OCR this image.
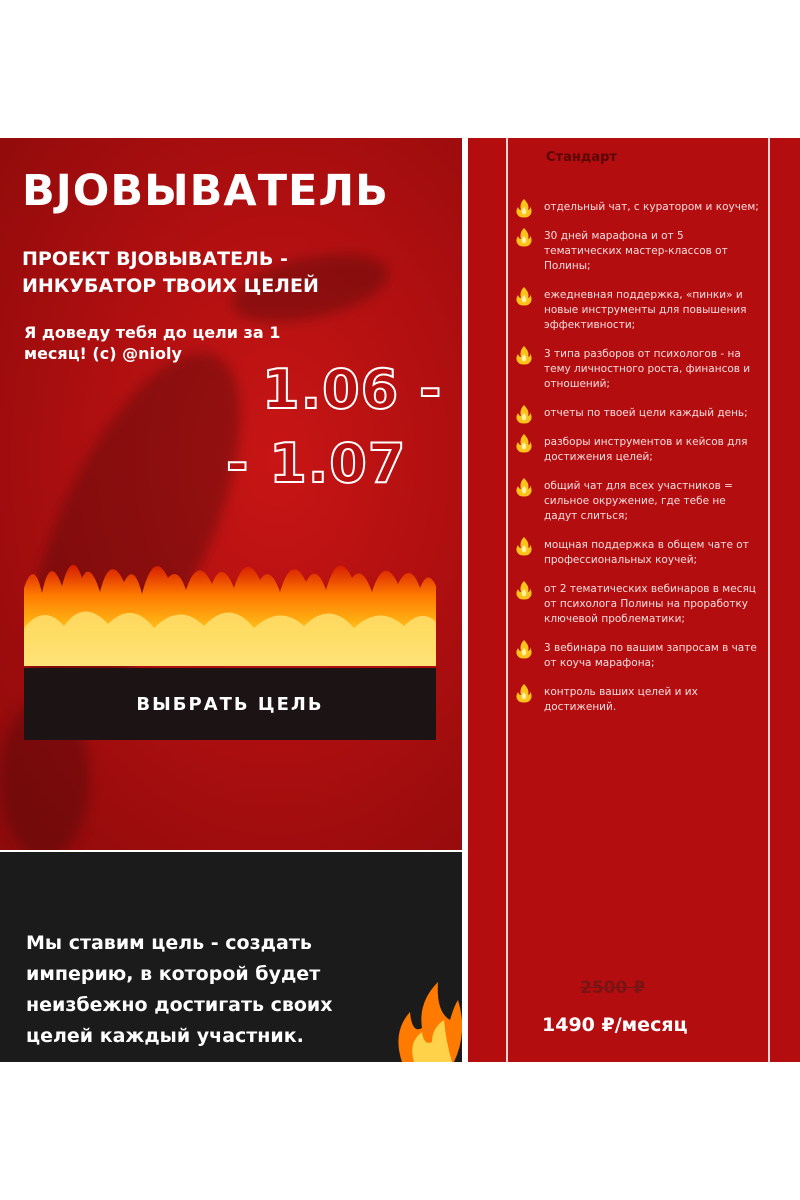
ВJОВЫВАТЕЛЬ

ПРОЕКТ ВJОВЫВАТЕЛЬ - ИНКУБАТОР ТВОИХ ЦЕЛЕЙ

Я доведу тебя до цели за 1 месяц! (с) @nioly

1.06 -
- 1.07
ВЫБРАТЬ ЦЕЛЬ

Мы ставим цель - создать империю, в которой будет неизбежно достигать своих целей каждый участник.

Стандарт
отдельный чат, с куратором и коучем;
30 дней марафона и от 5 тематических мастер-классов от Полины;
ежедневная поддержка, «пинки» и новые инструменты для повышения эффективности;
3 типа разборов от психологов - на тему личностного роста, финансов и отношений;
отчеты по твоей цели каждый день;
разборы инструментов и кейсов для достижения целей;
общий чат для всех участников = сильное окружение, где тебе не дадут слиться;
мощная поддержка в общем чате от профессиональных коучей;
от 2 тематических вебинаров в месяц от психолога Полины на проработку ключевой проблематики;
3 вебинара по вашим запросам в чате от коуча марафона;
контроль ваших целей и их достижений.

2500 ₽

1490 ₽/месяц
